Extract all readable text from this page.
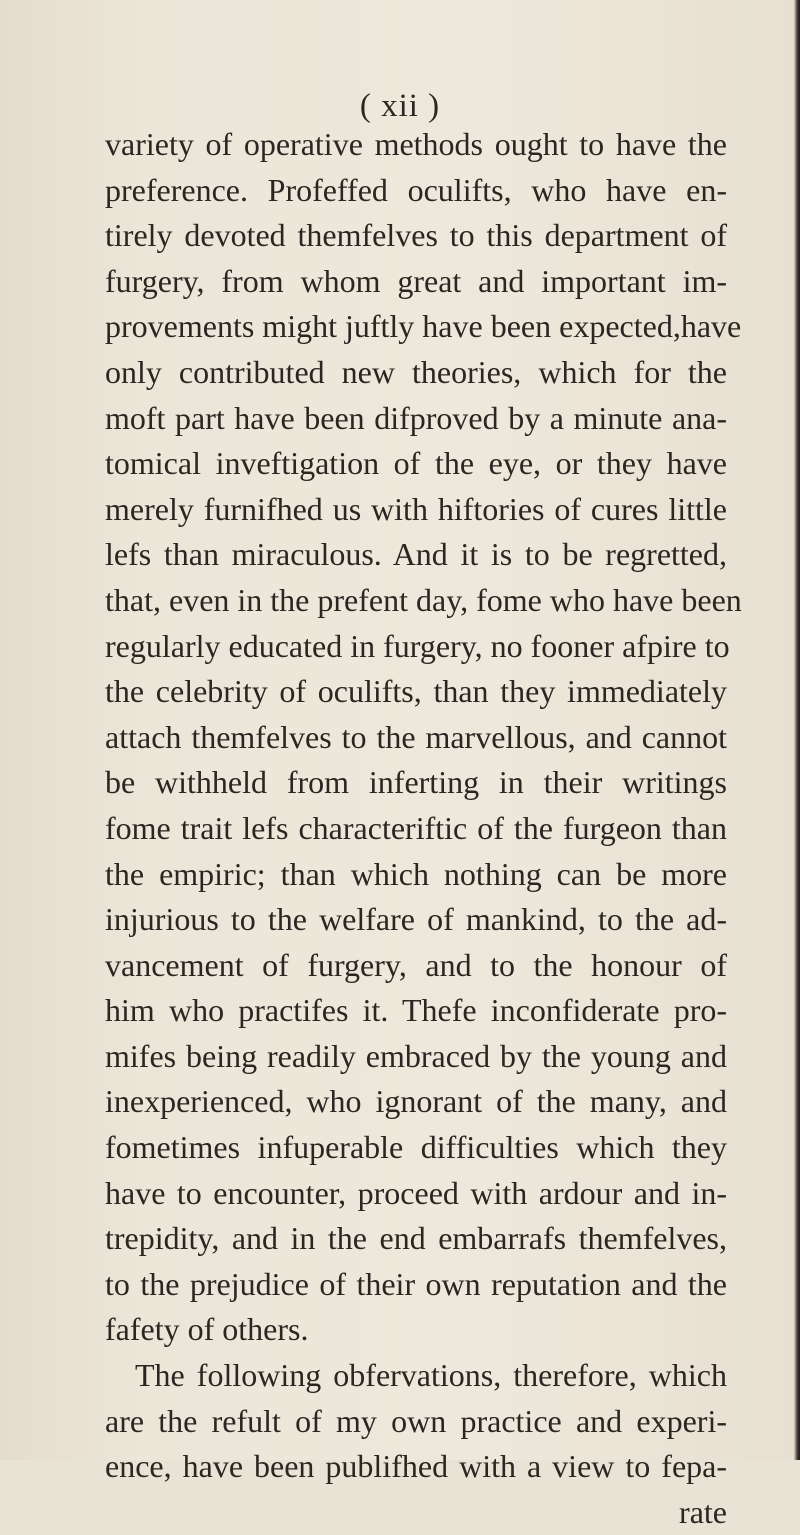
( xii )
variety of operative methods ought to have the
preference. Profeffed oculifts, who have en-
tirely devoted themfelves to this department of
furgery, from whom great and important im-
provements might juftly have been expected,have
only contributed new theories, which for the
moft part have been difproved by a minute ana-
tomical inveftigation of the eye, or they have
merely furnifhed us with hiftories of cures little
lefs than miraculous. And it is to be regretted,
that, even in the prefent day, fome who have been
regularly educated in furgery, no fooner afpire to
the celebrity of oculifts, than they immediately
attach themfelves to the marvellous, and cannot
be withheld from inferting in their writings
fome trait lefs characteriftic of the furgeon than
the empiric; than which nothing can be more
injurious to the welfare of mankind, to the ad-
vancement of furgery, and to the honour of
him who practifes it. Thefe inconfiderate pro-
mifes being readily embraced by the young and
inexperienced, who ignorant of the many, and
fometimes infuperable difficulties which they
have to encounter, proceed with ardour and in-
trepidity, and in the end embarrafs themfelves,
to the prejudice of their own reputation and the
fafety of others.
The following obfervations, therefore, which
are the refult of my own practice and experi-
ence, have been publifhed with a view to fepa-
rate
